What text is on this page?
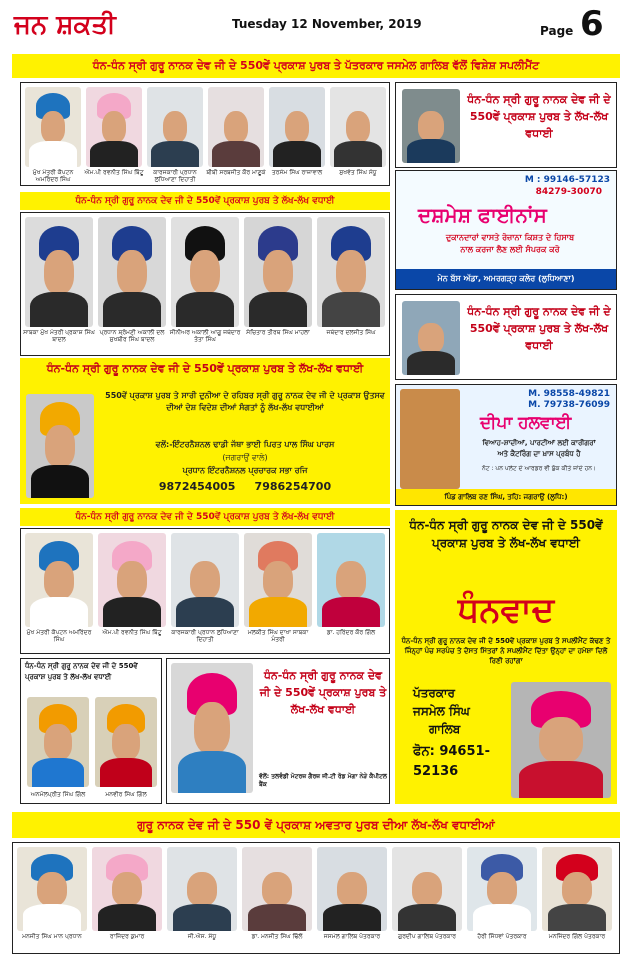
ਜਨ ਸ਼ਕਤੀ	Tuesday 12 November, 2019	Page 6
ਧੰਨ-ਧੰਨ ਸ੍ਰੀ ਗੁਰੂ ਨਾਨਕ ਦੇਵ ਜੀ ਦੇ 550ਵੇਂ ਪ੍ਰਕਾਸ਼ ਪੁਰਬ ਤੇ ਪੱਤਰਕਾਰ ਜਸਮੇਲ ਗਾਲਿਬ ਵੱਲੋਂ ਵਿਸ਼ੇਸ਼ ਸਪਲੀਮੈਂਟ
ਮੁੱਖ ਮੰਤਰੀ ਕੈਪਟਨ ਅਮਰਿੰਦਰ ਸਿੰਘ
ਐਮ.ਪੀ ਰਵਨੀਤ ਸਿੰਘ ਬਿੱਟੂ	ਕਾਰਜਕਾਰੀ ਪ੍ਰਧਾਨ ਲੁਧਿਆਣਾ ਦਿਹਾਤੀ
ਬੀਬੀ ਸਰਬਜੀਤ ਕੌਰ ਮਾਣੂਕੇ	ਤਰਸੇਮ ਸਿੰਘ ਰਾਜ਼ਾਵਾਲ	ਸੁਖਵੰਤ ਸਿੰਘ ਸੰਧੂ
ਧੰਨ-ਧੰਨ ਸ੍ਰੀ ਗੁਰੂ ਨਾਨਕ ਦੇਵ ਜੀ ਦੇ 550ਵੇਂ ਪ੍ਰਕਾਸ਼ ਪੁਰਬ ਤੇ ਲੱਖ-ਲੱਖ ਵਧਾਈ
ਧੰਨ-ਧੰਨ ਸ੍ਰੀ ਗੁਰੂ ਨਾਨਕ ਦੇਵ ਜੀ ਦੇ 550ਵੇਂ ਪ੍ਰਕਾਸ਼ ਪੁਰਬ ਤੇ ਲੱਖ-ਲੱਖ ਵਧਾਈ
ਸਾਬਕਾ ਮੁੱਖ ਮੰਤਰੀ ਪ੍ਰਕਾਸ਼ ਸਿੰਘ ਬਾਦਲ
ਪ੍ਰਧਾਨ ਸ਼੍ਰੋਮਣੀ ਅਕਾਲੀ ਦਲ ਸੁਖਬੀਰ ਸਿੰਘ ਬਾਦਲ
ਸੀਨੀਅਰ ਅਕਾਲੀ ਆਗੂ ਜਥੇਦਾਰ ਤੋਤਾ ਸਿੰਘ
ਸੰਚਿਤਾਰ ਤੀਰਥ ਸਿੰਘ ਮਾਹਲਾ	ਜਥੇਦਾਰ ਦਲਜੀਤ ਸਿੰਘ
M : 99146-57123
84279-30070
ਦਸ਼ਮੇਸ਼ ਫਾਈਨਾਂਸ
ਦੁਕਾਨਦਾਰਾਂ ਵਾਸਤੇ ਰੋਜ਼ਾਨਾ ਕਿਸ਼ਤ ਦੇ ਹਿਸਾਬ
ਨਾਲ ਕਰਜਾ ਲੈਣ ਲਈ ਸੰਪਰਕ ਕਰੋ
ਮੇਨ ਬੱਸ ਅੱਡਾ, ਅਮਰਗੜ੍ਹ ਕਲੇਰ (ਲੁਧਿਆਣਾ)
ਧੰਨ-ਧੰਨ ਸ੍ਰੀ ਗੁਰੂ ਨਾਨਕ ਦੇਵ ਜੀ ਦੇ 550ਵੇਂ ਪ੍ਰਕਾਸ਼ ਪੁਰਬ ਤੇ ਲੱਖ-ਲੱਖ ਵਧਾਈ
ਧੰਨ-ਧੰਨ ਸ੍ਰੀ ਗੁਰੂ ਨਾਨਕ ਦੇਵ ਜੀ ਦੇ 550ਵੇਂ ਪ੍ਰਕਾਸ਼ ਪੁਰਬ ਤੇ ਲੱਖ-ਲੱਖ ਵਧਾਈ
550ਵੇਂ ਪ੍ਰਕਾਸ਼ ਪੁਰਬ ਤੇ ਸਾਰੀ ਦੁਨੀਆ ਦੇ ਰਹਿਬਰ ਸ੍ਰੀ ਗੁਰੂ ਨਾਨਕ ਦੇਵ ਜੀ ਦੇ ਪ੍ਰਕਾਸ਼ ਉਤਸਵ ਦੀਆਂ ਦੇਸ਼ ਵਿਦੇਸ਼ ਦੀਆਂ ਸੰਗਤਾਂ ਨੂੰ ਲੱਖ-ਲੱਖ ਵਧਾਈਆਂ
ਵਲੋਂ:-ਇੰਟਰਨੈਸ਼ਨਲ ਢਾਡੀ ਜੱਥਾ ਭਾਈ ਪਿਰਤ ਪਾਲ ਸਿੰਘ ਪਾਰਸ
(ਜਗਰਾਉਂ ਵਾਲੇ)
ਪ੍ਰਧਾਨ ਇੰਟਰਨੈਸ਼ਨਲ ਪ੍ਰਚਾਰਕ ਸਭਾ ਰਜਿ
9872454005     7986254700
M. 98558-49821
M. 79738-76099
ਦੀਪਾ ਹਲਵਾਈ
ਵਿਆਹ-ਸ਼ਾਦੀਆਂ, ਪਾਰਟੀਆਂ ਲਈ ਕਾਰੀਗਰਾਂ
ਅਤੇ ਕੈਟਰਿੰਗ ਦਾ ਖ਼ਾਸ ਪ੍ਰਬੰਧ ਹੈ
ਨੋਟ : ਪਨ ਪਲੇਟ ਦੇ ਆਰਡਰ ਵੀ ਬੁੱਕ ਕੀਤੇ ਜਾਂਦੇ ਹਨ।
ਪਿੰਡ ਗਾਲਿਬ ਰਣ ਸਿੰਘ, ਤਹਿ: ਜਗਰਾਉਂ (ਲੁਧਿ:)
ਧੰਨ-ਧੰਨ ਸ੍ਰੀ ਗੁਰੂ ਨਾਨਕ ਦੇਵ ਜੀ ਦੇ 550ਵੇਂ ਪ੍ਰਕਾਸ਼ ਪੁਰਬ ਤੇ ਲੱਖ-ਲੱਖ ਵਧਾਈ
ਮੁੱਖ ਮੰਤਰੀ ਕੈਪਟਨ ਅਮਰਿੰਦਰ ਸਿੰਘ
ਐਮ.ਪੀ ਰਵਨੀਤ ਸਿੰਘ ਬਿੱਟੂ	ਕਾਰਜਕਾਰੀ ਪ੍ਰਧਾਨ ਲੁਧਿਆਣਾ ਦਿਹਾਤੀ
ਮਲਕੀਤ ਸਿੰਘ ਦਾਖਾ ਸਾਬਕਾ ਮੰਤਰੀ
ਡਾ. ਹਰਿੰਦਰ ਕੌਰ ਗਿੱਲ
ਧੰਨ-ਧੰਨ ਸ੍ਰੀ ਗੁਰੂ ਨਾਨਕ ਦੇਵ ਜੀ ਦੇ 550ਵੇਂ ਪ੍ਰਕਾਸ਼ ਪੁਰਬ ਤੇ ਲੱਖ-ਲੱਖ ਵਧਾਈ
ਧੰਨਵਾਦ
ਧੰਨ-ਧੰਨ ਸ੍ਰੀ ਗੁਰੂ ਨਾਨਕ ਦੇਵ ਜੀ ਦੇ 550ਵੇਂ ਪ੍ਰਕਾਸ਼ ਪੁਰਬ ਤੇ ਸਪਲੀਮੈਂਟ ਕੱਢਣ ਤੇ ਜਿੰਨ੍ਹਾਂ ਪੰਚ ਸਰਪੰਚ ਤੇ ਦੋਸਤ ਮਿੱਤਰਾਂ ਨੇ ਸਪਲੀਮੈਂਟ ਦਿੱਤਾ ਉਨ੍ਹਾਂ ਦਾ ਹਮੇਸ਼ਾ ਦਿਲੋਂ ਰਿਣੀ ਰਹਾਂਗਾ
ਪੱਤਰਕਾਰ
ਜਸਮੇਲ ਸਿੰਘ
ਗਾਲਿਬ
ਫੋਨ: 94651-52136
ਧੰਨ-ਧੰਨ ਸ੍ਰੀ ਗੁਰੂ ਨਾਨਕ ਦੇਵ ਜੀ ਦੇ 550ਵੇਂ ਪ੍ਰਕਾਸ਼ ਪੁਰਬ ਤੇ ਲੱਖ-ਲੱਖ ਵਧਾਈ
ਅਨਮੋਲਪ੍ਰੀਤ ਸਿੰਘ ਗਿੱਲ	ਮਨਵੀਰ ਸਿੰਘ ਗਿੱਲ
ਧੰਨ-ਧੰਨ ਸ੍ਰੀ ਗੁਰੂ ਨਾਨਕ ਦੇਵ ਜੀ ਦੇ 550ਵੇਂ ਪ੍ਰਕਾਸ਼ ਪੁਰਬ ਤੇ ਲੱਖ-ਲੱਖ ਵਧਾਈ
ਵੱਲੋਂ: ਤਲਵੰਡੀ ਮੋਟਰਜ਼ ਗੈਰਜ਼ ਜੀ.ਟੀ ਰੋਡ ਮੋਗਾ ਨੇੜੇ ਕੈਪੀਟਲ ਬੈਂਕ
ਗੁਰੂ ਨਾਨਕ ਦੇਵ ਜੀ ਦੇ 550 ਵੇਂ ਪ੍ਰਕਾਸ਼ ਅਵਤਾਰ ਪੁਰਬ ਦੀਆ ਲੱਖ-ਲੱਖ ਵਧਾਈਆਂ
ਮਨਜੀਤ ਸਿੰਘ ਮਾਨ ਪ੍ਰਧਾਨ	ਰਾਜਿੰਦਰ ਕੁਮਾਰ	ਜੀ.ਐਸ. ਸੰਧੂ	ਡਾ. ਮਨਜੀਤ ਸਿੰਘ ਢਿੱਲੋਂ	ਜਸਮੇਲ ਗਾਲਿਬ ਪੱਤਰਕਾਰ	ਗੁਰਦੀਪ ਗਾਲਿਬ ਪੱਤਰਕਾਰ	ਹੈਰੀ ਸਿੱਧਵਾਂ ਪੱਤਰਕਾਰ	ਮਨਜਿੰਦਰ ਗਿੱਲ ਪੱਤਰਕਾਰ
